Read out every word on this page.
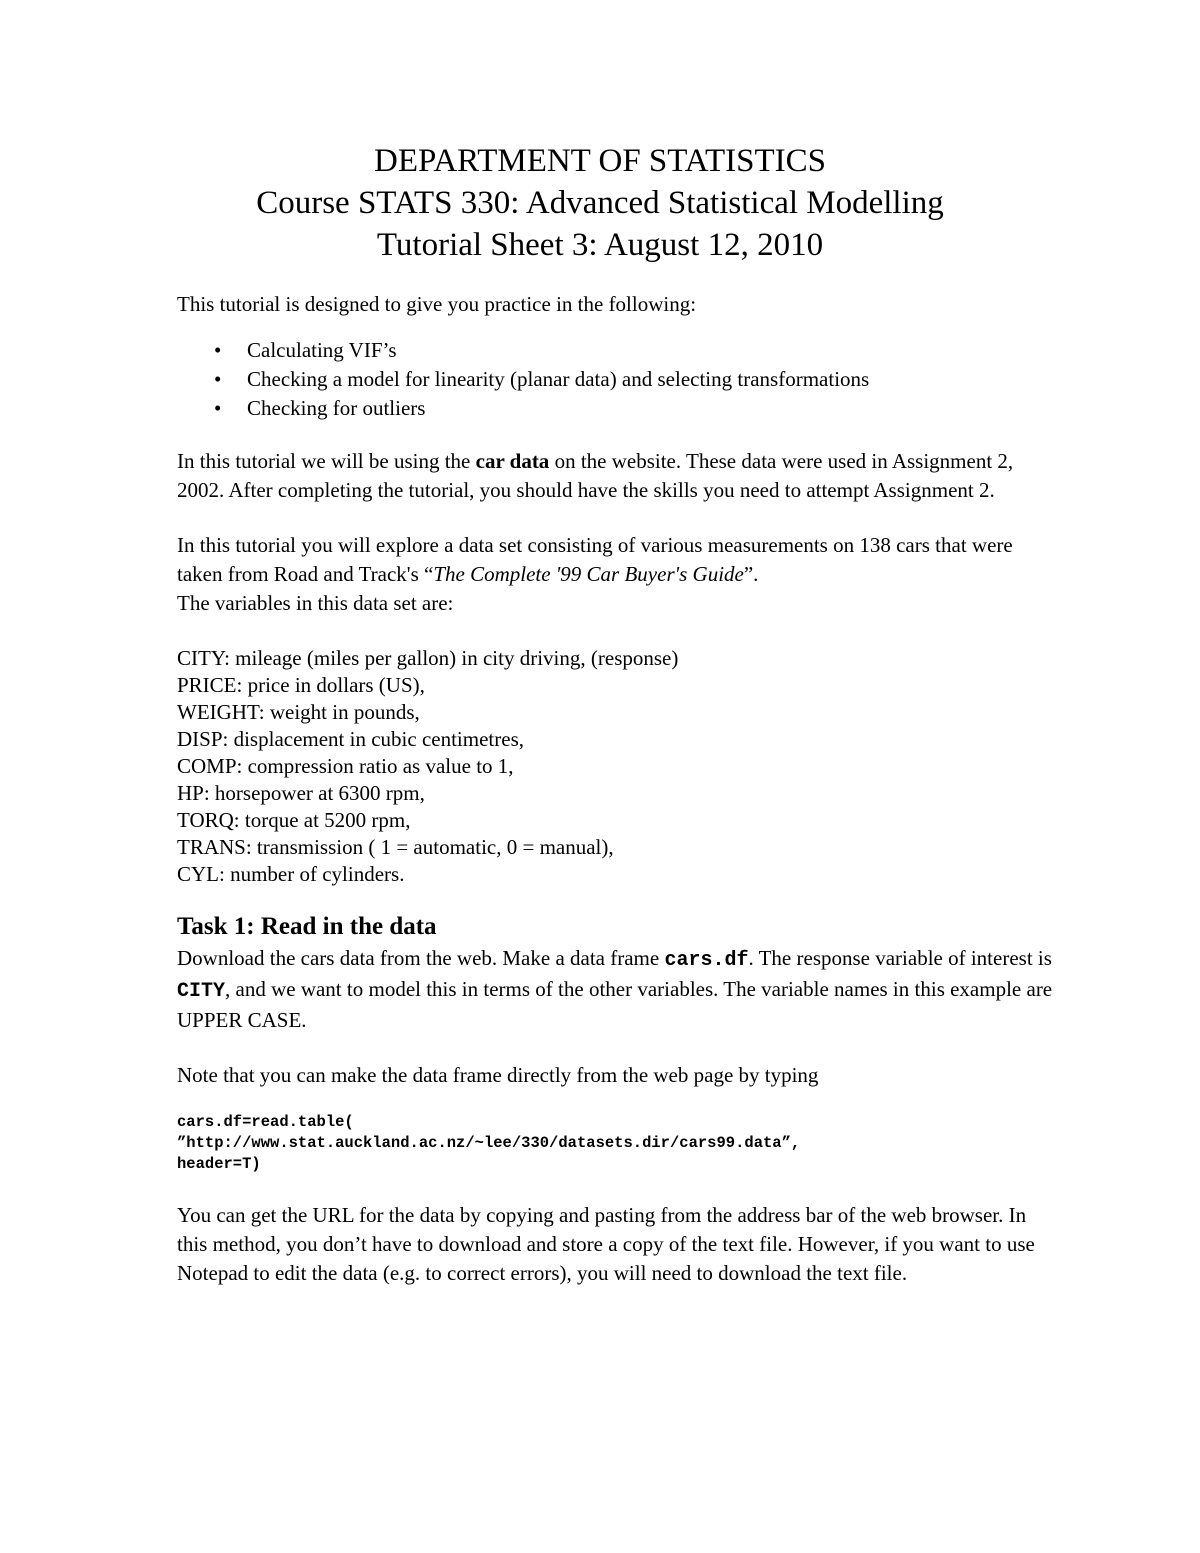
DEPARTMENT OF STATISTICS
Course STATS 330: Advanced Statistical Modelling
Tutorial Sheet 3: August 12, 2010

This tutorial is designed to give you practice in the following:

• Calculating VIF’s
• Checking a model for linearity (planar data) and selecting transformations
• Checking for outliers

In this tutorial we will be using the car data on the website. These data were used in Assignment 2, 2002. After completing the tutorial, you should have the skills you need to attempt Assignment 2.

In this tutorial you will explore a data set consisting of various measurements on 138 cars that were taken from Road and Track's “The Complete '99 Car Buyer's Guide”.
The variables in this data set are:

CITY: mileage (miles per gallon) in city driving, (response)
PRICE: price in dollars (US),
WEIGHT: weight in pounds,
DISP: displacement in cubic centimetres,
COMP: compression ratio as value to 1,
HP: horsepower at 6300 rpm,
TORQ: torque at 5200 rpm,
TRANS: transmission ( 1 = automatic, 0 = manual),
CYL: number of cylinders.
Task 1: Read in the data

Download the cars data from the web. Make a data frame cars.df. The response variable of interest is CITY, and we want to model this in terms of the other variables. The variable names in this example are UPPER CASE.

Note that you can make the data frame directly from the web page by typing

cars.df=read.table(
”http://www.stat.auckland.ac.nz/~lee/330/datasets.dir/cars99.data”,
header=T)

You can get the URL for the data by copying and pasting from the address bar of the web browser. In this method, you don’t have to download and store a copy of the text file. However, if you want to use Notepad to edit the data (e.g. to correct errors), you will need to download the text file.
